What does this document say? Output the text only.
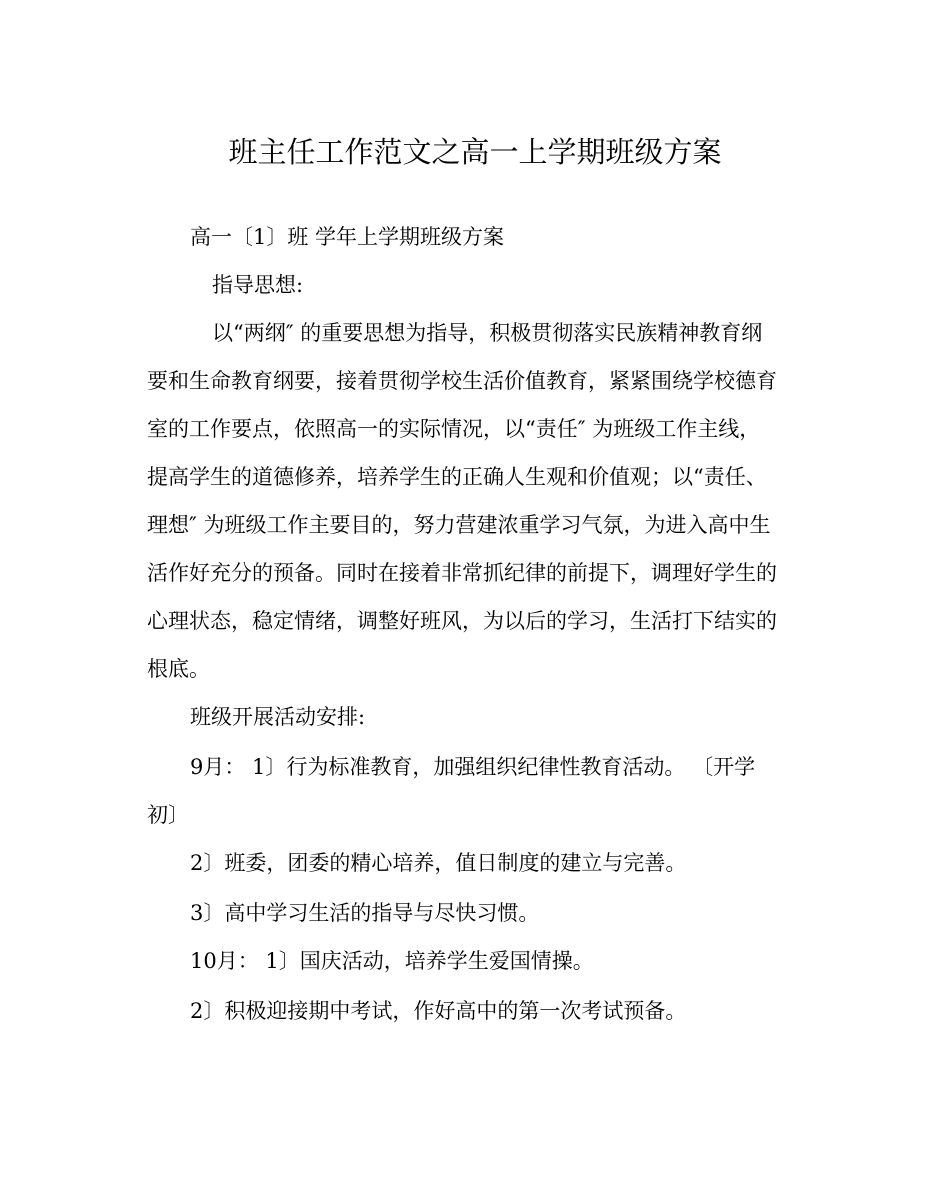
班主任工作范文之高一上学期班级方案
高一〔1〕班 学年上学期班级方案
指导思想:
以“两纲″ 的重要思想为指导，积极贯彻落实民族精神教育纲
要和生命教育纲要，接着贯彻学校生活价值教育，紧紧围绕学校德育
室的工作要点，依照高一的实际情况，以“责任″ 为班级工作主线，
提高学生的道德修养，培养学生的正确人生观和价值观；以“责任、
理想″ 为班级工作主要目的，努力营建浓重学习气氛，为进入高中生
活作好充分的预备。同时在接着非常抓纪律的前提下，调理好学生的
心理状态，稳定情绪，调整好班风，为以后的学习，生活打下结实的
根底。
班级开展活动安排:
9月： 1〕行为标准教育，加强组织纪律性教育活动。 〔开学
初〕
2〕班委，团委的精心培养，值日制度的建立与完善。
3〕高中学习生活的指导与尽快习惯。
10月： 1〕国庆活动，培养学生爱国情操。
2〕积极迎接期中考试，作好高中的第一次考试预备。
